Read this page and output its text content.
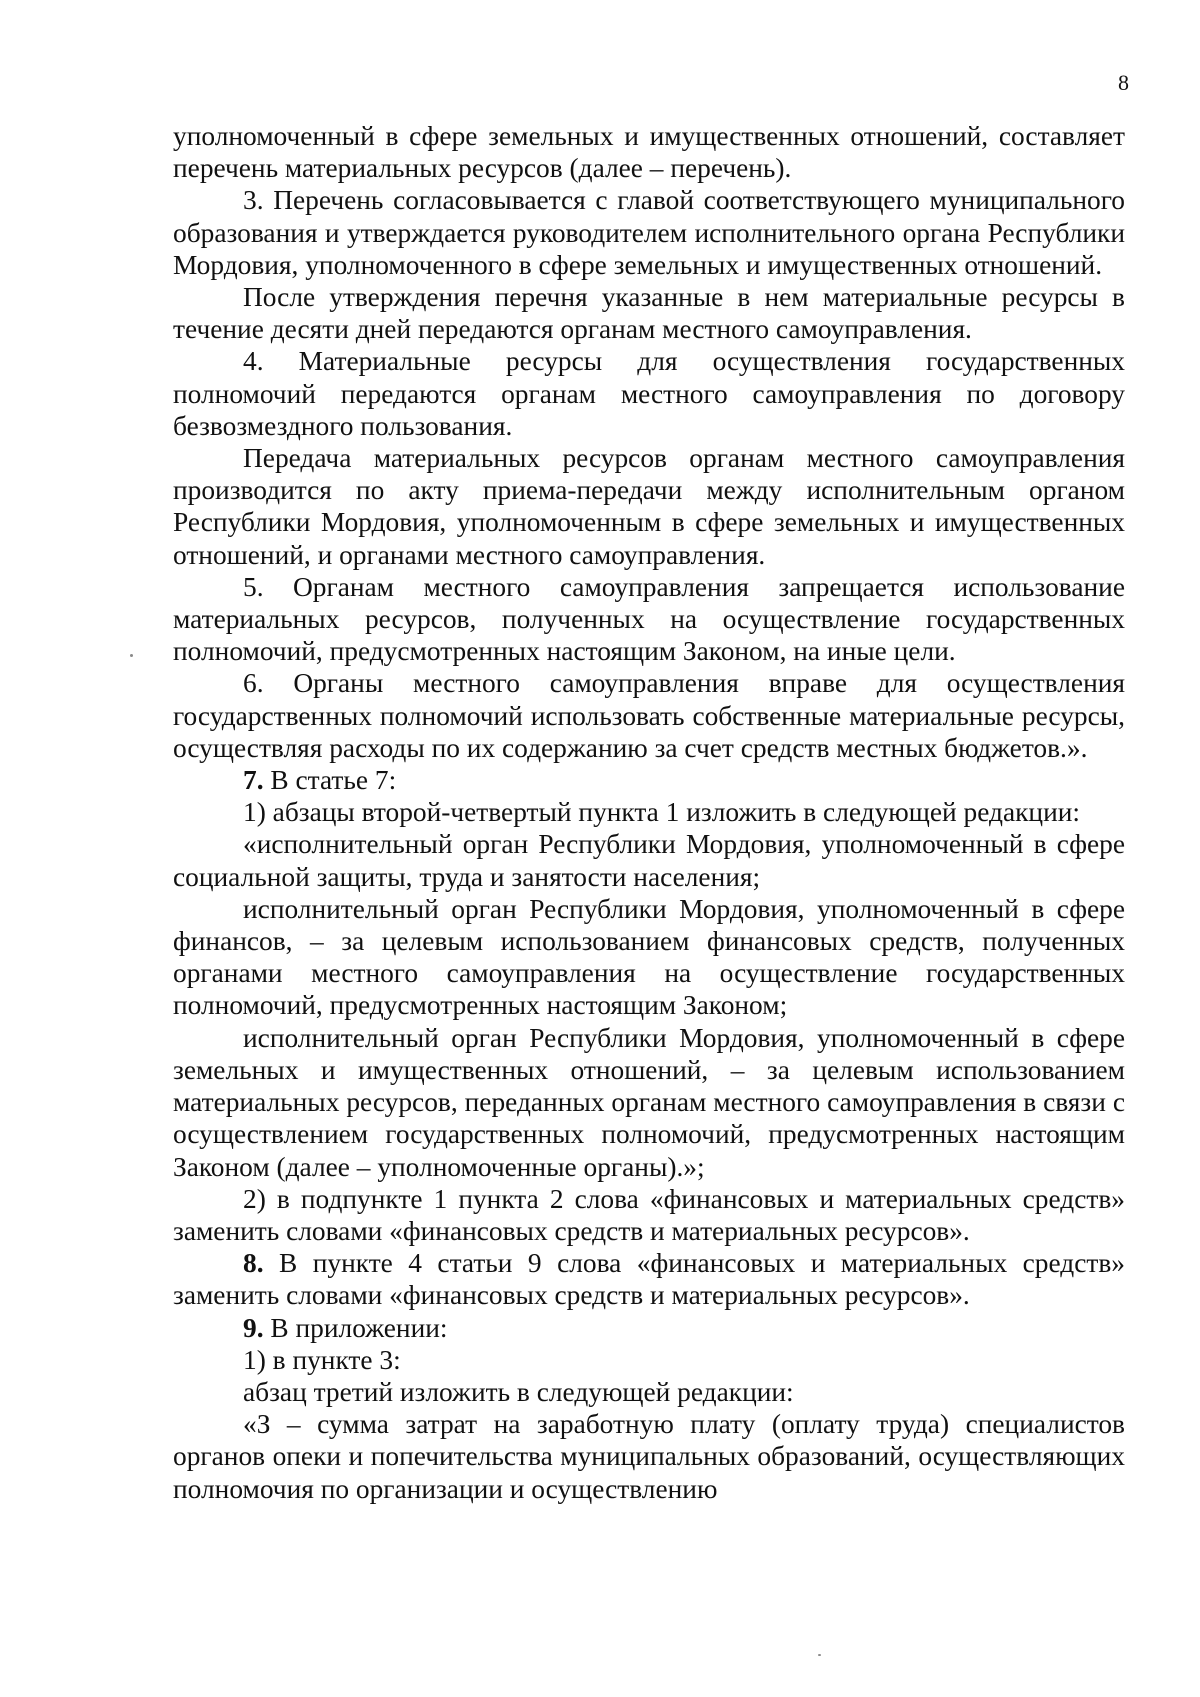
8

уполномоченный в сфере земельных и имущественных отношений, составляет перечень материальных ресурсов (далее – перечень).

3. Перечень согласовывается с главой соответствующего муниципального образования и утверждается руководителем исполнительного органа Республики Мордовия, уполномоченного в сфере земельных и имущественных отношений.

После утверждения перечня указанные в нем материальные ресурсы в течение десяти дней передаются органам местного самоуправления.

4. Материальные ресурсы для осуществления государственных полномочий передаются органам местного самоуправления по договору безвозмездного пользования.

Передача материальных ресурсов органам местного самоуправления производится по акту приема-передачи между исполнительным органом Республики Мордовия, уполномоченным в сфере земельных и имущественных отношений, и органами местного самоуправления.

5. Органам местного самоуправления запрещается использование материальных ресурсов, полученных на осуществление государственных полномочий, предусмотренных настоящим Законом, на иные цели.

6. Органы местного самоуправления вправе для осуществления государственных полномочий использовать собственные материальные ресурсы, осуществляя расходы по их содержанию за счет средств местных бюджетов.».

7. В статье 7:

1) абзацы второй-четвертый пункта 1 изложить в следующей редакции:

«исполнительный орган Республики Мордовия, уполномоченный в сфере социальной защиты, труда и занятости населения;

исполнительный орган Республики Мордовия, уполномоченный в сфере финансов, – за целевым использованием финансовых средств, полученных органами местного самоуправления на осуществление государственных полномочий, предусмотренных настоящим Законом;

исполнительный орган Республики Мордовия, уполномоченный в сфере земельных и имущественных отношений, – за целевым использованием материальных ресурсов, переданных органам местного самоуправления в связи с осуществлением государственных полномочий, предусмотренных настоящим Законом (далее – уполномоченные органы).»;

2) в подпункте 1 пункта 2 слова «финансовых и материальных средств» заменить словами «финансовых средств и материальных ресурсов».

8. В пункте 4 статьи 9 слова «финансовых и материальных средств» заменить словами «финансовых средств и материальных ресурсов».

9. В приложении:

1) в пункте 3:

абзац третий изложить в следующей редакции:

«З – сумма затрат на заработную плату (оплату труда) специалистов органов опеки и попечительства муниципальных образований, осуществляющих полномочия по организации и осуществлению
